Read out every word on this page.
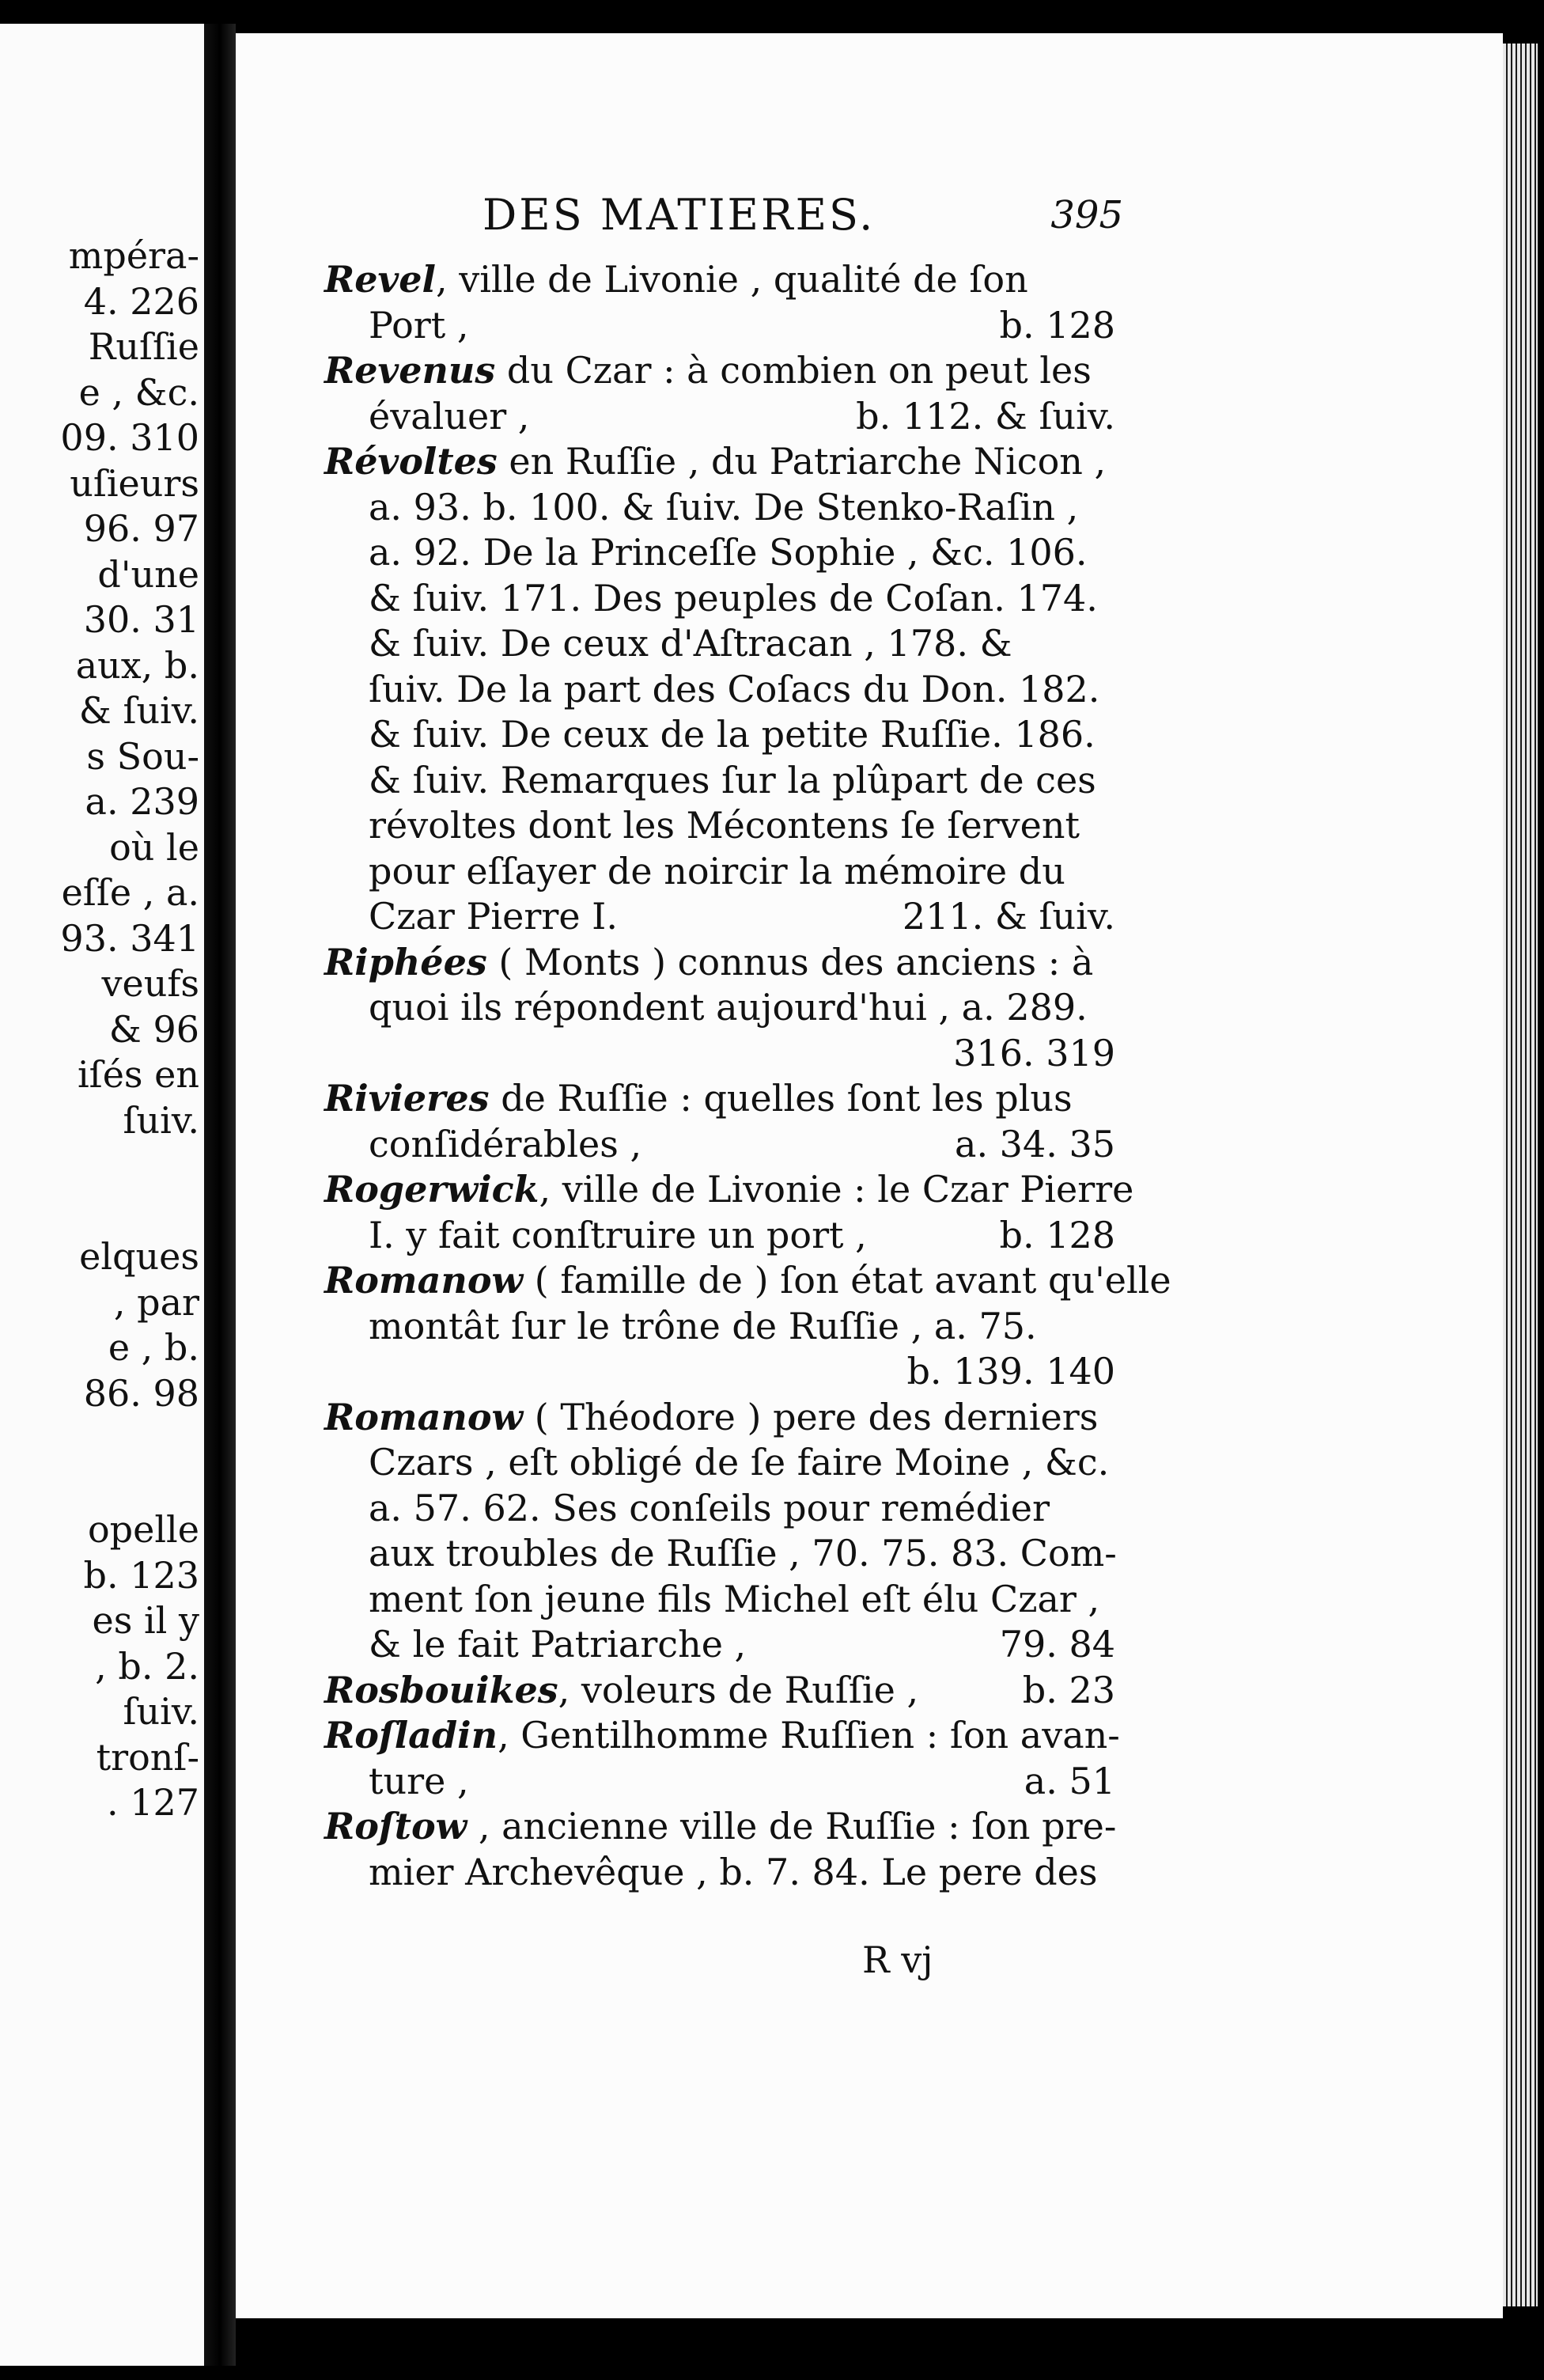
mpéra-
4. 226
Ruſſie
e , &c.
09. 310
uſieurs
96. 97
d'une
30. 31
aux, b.
& ſuiv.
s Sou-
a. 239
où le
eſſe , a.
93. 341
veufs
& 96
iſés en
ſuiv.
elques
, par
e , b.
86. 98
opelle
b. 123
es il y
, b. 2.
ſuiv.
tronſ-
. 127
DES MATIERES.	395
Revel, ville de Livonie , qualité de ſon
Port ,	b. 128
Revenus du Czar : à combien on peut les
évaluer ,	b. 112. & ſuiv.
Révoltes en Ruſſie , du Patriarche Nicon ,
a. 93. b. 100. & ſuiv. De Stenko-Raſin ,
a. 92. De la Princeſſe Sophie , &c. 106.
& ſuiv. 171. Des peuples de Coſan. 174.
& ſuiv. De ceux d'Aſtracan , 178. &
ſuiv. De la part des Coſacs du Don. 182.
& ſuiv. De ceux de la petite Ruſſie. 186.
& ſuiv. Remarques ſur la plûpart de ces
révoltes dont les Mécontens ſe ſervent
pour eſſayer de noircir la mémoire du
Czar Pierre I.	211. & ſuiv.
Riphées ( Monts ) connus des anciens : à
quoi ils répondent aujourd'hui , a. 289.
316. 319
Rivieres de Ruſſie : quelles ſont les plus
conſidérables ,	a. 34. 35
Rogerwick, ville de Livonie : le Czar Pierre
I. y fait conſtruire un port ,	b. 128
Romanow ( famille de ) ſon état avant qu'elle
montât ſur le trône de Ruſſie , a. 75.
b. 139. 140
Romanow ( Théodore ) pere des derniers
Czars , eſt obligé de ſe faire Moine , &c.
a. 57. 62. Ses conſeils pour remédier
aux troubles de Ruſſie , 70. 75. 83. Com-
ment ſon jeune fils Michel eſt élu Czar ,
& le fait Patriarche ,	79. 84
Rosbouikes, voleurs de Ruſſie ,	b. 23
Roſladin, Gentilhomme Ruſſien : ſon avan-
ture ,	a. 51
Roſtow , ancienne ville de Ruſſie : ſon pre-
mier Archevêque , b. 7. 84. Le pere des
R vj
